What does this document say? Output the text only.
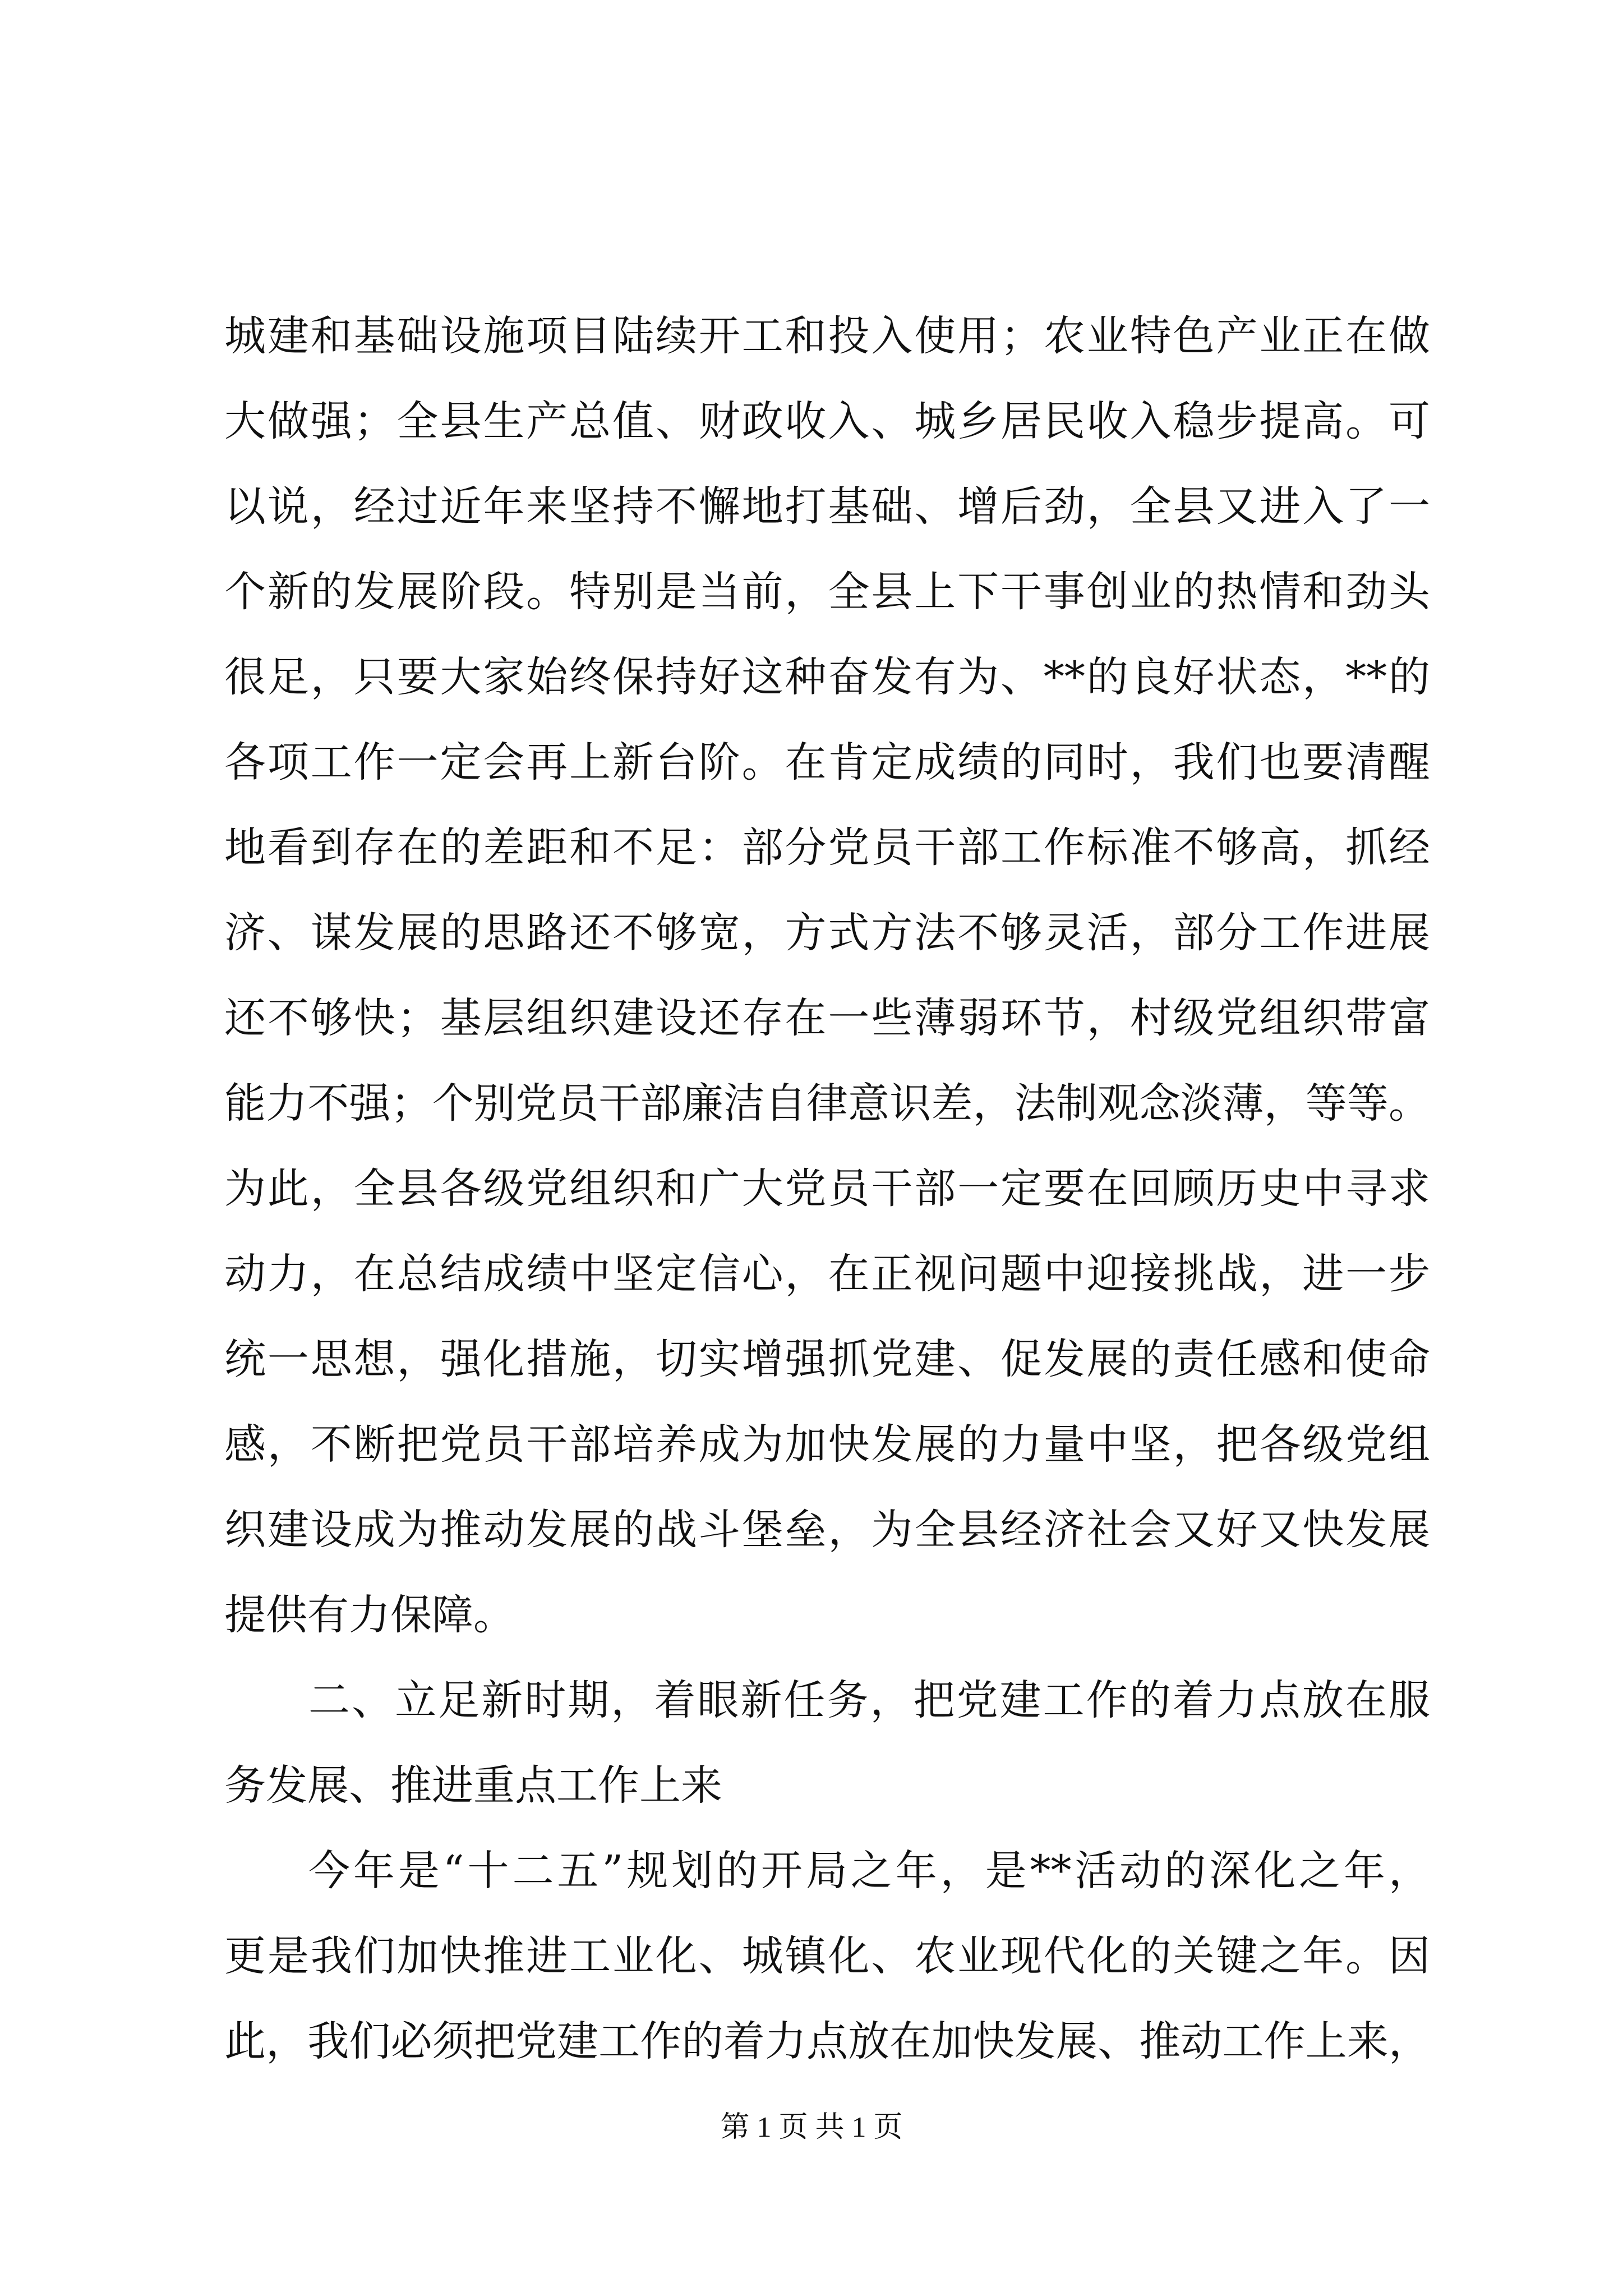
城建和基础设施项目陆续开工和投入使用；农业特色产业正在做
大做强；全县生产总值、财政收入、城乡居民收入稳步提高。可
以说，经过近年来坚持不懈地打基础、增后劲，全县又进入了一
个新的发展阶段。特别是当前，全县上下干事创业的热情和劲头
很足，只要大家始终保持好这种奋发有为、**的良好状态，**的
各项工作一定会再上新台阶。在肯定成绩的同时，我们也要清醒
地看到存在的差距和不足：部分党员干部工作标准不够高，抓经
济、谋发展的思路还不够宽，方式方法不够灵活，部分工作进展
还不够快；基层组织建设还存在一些薄弱环节，村级党组织带富
能力不强；个别党员干部廉洁自律意识差，法制观念淡薄，等等。
为此，全县各级党组织和广大党员干部一定要在回顾历史中寻求
动力，在总结成绩中坚定信心，在正视问题中迎接挑战，进一步
统一思想，强化措施，切实增强抓党建、促发展的责任感和使命
感，不断把党员干部培养成为加快发展的力量中坚，把各级党组
织建设成为推动发展的战斗堡垒，为全县经济社会又好又快发展
提供有力保障。
二、立足新时期，着眼新任务，把党建工作的着力点放在服
务发展、推进重点工作上来
今年是“十二五”规划的开局之年，是**活动的深化之年，
更是我们加快推进工业化、城镇化、农业现代化的关键之年。因
此，我们必须把党建工作的着力点放在加快发展、推动工作上来，
第 1 页 共 1 页
